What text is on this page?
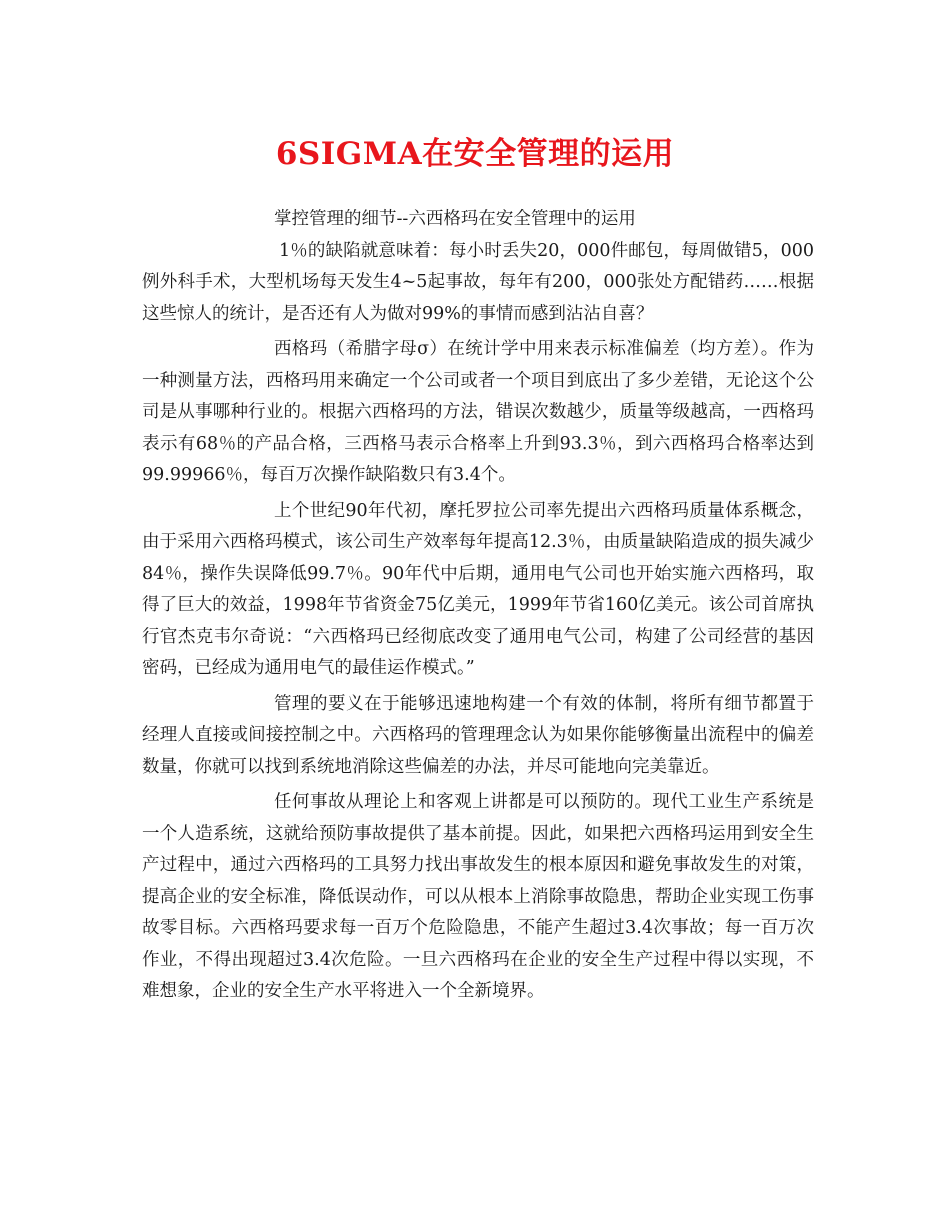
6SIGMA在安全管理的运用

掌控管理的细节--六西格玛在安全管理中的运用

1％的缺陷就意味着：每小时丢失20，000件邮包，每周做错5，000例外科手术，大型机场每天发生4~5起事故，每年有200，000张处方配错药……根据这些惊人的统计，是否还有人为做对99%的事情而感到沾沾自喜？

西格玛（希腊字母σ）在统计学中用来表示标准偏差（均方差）。作为一种测量方法，西格玛用来确定一个公司或者一个项目到底出了多少差错，无论这个公司是从事哪种行业的。根据六西格玛的方法，错误次数越少，质量等级越高，一西格玛表示有68％的产品合格，三西格马表示合格率上升到93.3％，到六西格玛合格率达到99.99966％，每百万次操作缺陷数只有3.4个。

上个世纪90年代初，摩托罗拉公司率先提出六西格玛质量体系概念，由于采用六西格玛模式，该公司生产效率每年提高12.3％，由质量缺陷造成的损失减少84％，操作失误降低99.7％。90年代中后期，通用电气公司也开始实施六西格玛，取得了巨大的效益，1998年节省资金75亿美元，1999年节省160亿美元。该公司首席执行官杰克韦尔奇说：“六西格玛已经彻底改变了通用电气公司，构建了公司经营的基因密码，已经成为通用电气的最佳运作模式。”

管理的要义在于能够迅速地构建一个有效的体制，将所有细节都置于经理人直接或间接控制之中。六西格玛的管理理念认为如果你能够衡量出流程中的偏差数量，你就可以找到系统地消除这些偏差的办法，并尽可能地向完美靠近。

任何事故从理论上和客观上讲都是可以预防的。现代工业生产系统是一个人造系统，这就给预防事故提供了基本前提。因此，如果把六西格玛运用到安全生产过程中，通过六西格玛的工具努力找出事故发生的根本原因和避免事故发生的对策，提高企业的安全标准，降低误动作，可以从根本上消除事故隐患，帮助企业实现工伤事故零目标。六西格玛要求每一百万个危险隐患，不能产生超过3.4次事故；每一百万次作业，不得出现超过3.4次危险。一旦六西格玛在企业的安全生产过程中得以实现，不难想象，企业的安全生产水平将进入一个全新境界。
